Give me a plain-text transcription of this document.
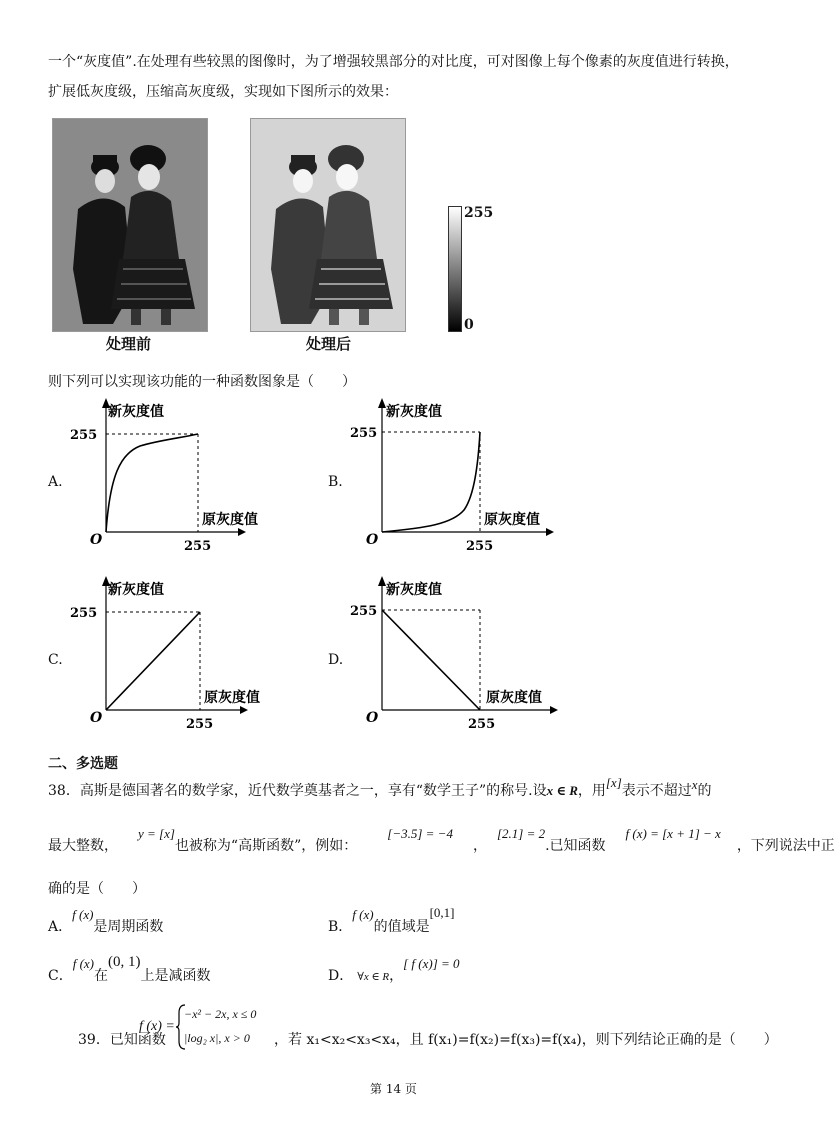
一个“灰度值”.在处理有些较黑的图像时，为了增强较黑部分的对比度，可对图像上每个像素的灰度值进行转换，
扩展低灰度级，压缩高灰度级，实现如下图所示的效果：
255
0
处理前	处理后
则下列可以实现该功能的一种函数图象是（　　）
A.
新灰度值
255
原灰度值
255
O
B.
新灰度值
255
原灰度值
255
O
C.
新灰度值
255
原灰度值
255
O
D.
新灰度值
255
原灰度值
255
O
二、多选题
38．高斯是德国著名的数学家，近代数学奠基者之一，享有“数学王子”的称号.设x ∈ R，用[x]表示不超过x的
最大整数，y = [x]也被称为“高斯函数”，例如：[−3.5] = −4，[2.1] = 2.已知函数f (x) = [x + 1] − x，下列说法中正
确的是（　　）
A．f (x)是周期函数	B．f (x)的值域是[0,1]
C．f (x)在(0, 1)上是减函数	D． ∀x ∈ R，[ f (x)] = 0
39．已知函数
f (x) =
−x² − 2x, x ≤ 0
|log₂ x|, x > 0 ，若 x₁<x₂<x₃<x₄，且 f(x₁)=f(x₂)=f(x₃)=f(x₄)，则下列结论正确的是（　　）
第 14 页
